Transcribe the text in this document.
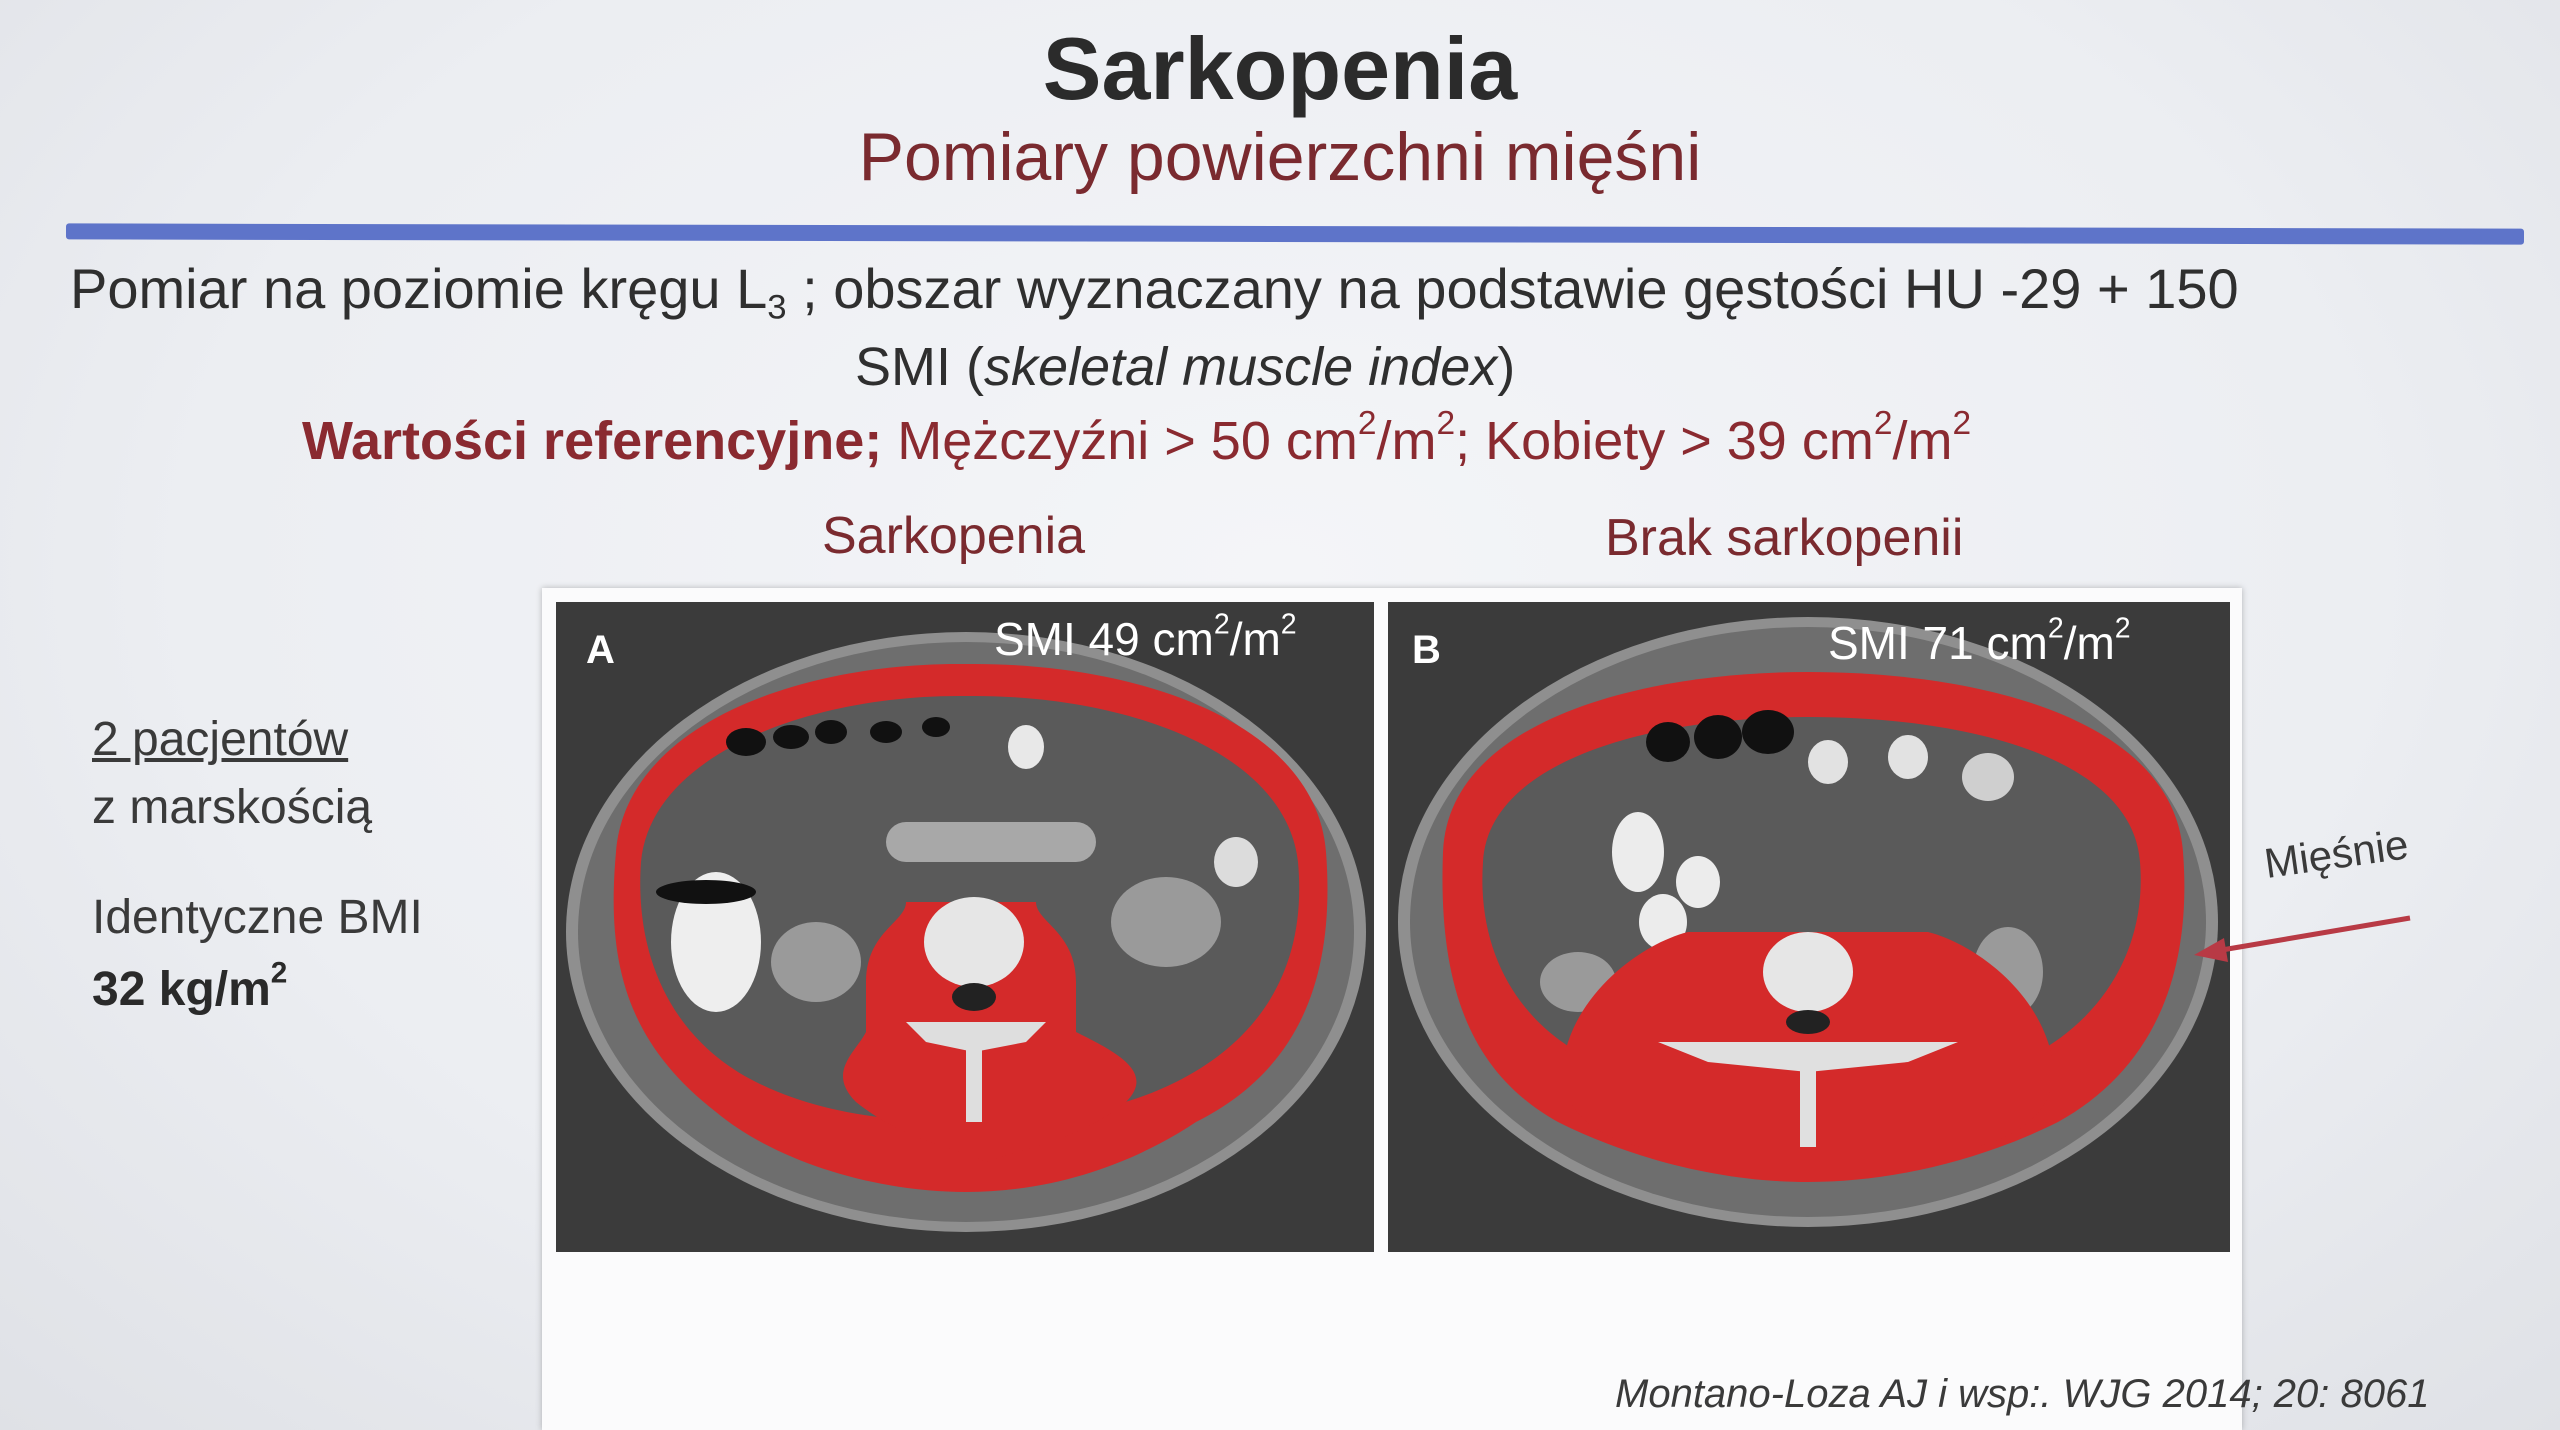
Sarkopenia
Pomiary powierzchni mięśni
Pomiar na poziomie kręgu $L_3$ ; obszar wyznaczany na podstawie gęstości HU -29 + 150
SMI (skeletal muscle index)
Wartości referencyjne; Mężczyźni > 50 $cm^2/m^2$; Kobiety > 39 $cm^2/m^2$
Sarkopenia	Brak sarkopenii
2 pacjentów
z marskością
Identyczne BMI
32 $kg/m^2$
A	SMI 49 $cm^2/m^2$
B	SMI 71 $cm^2/m^2$
Mięśnie
Montano-Loza AJ i wsp:. WJG 2014; 20: 8061
